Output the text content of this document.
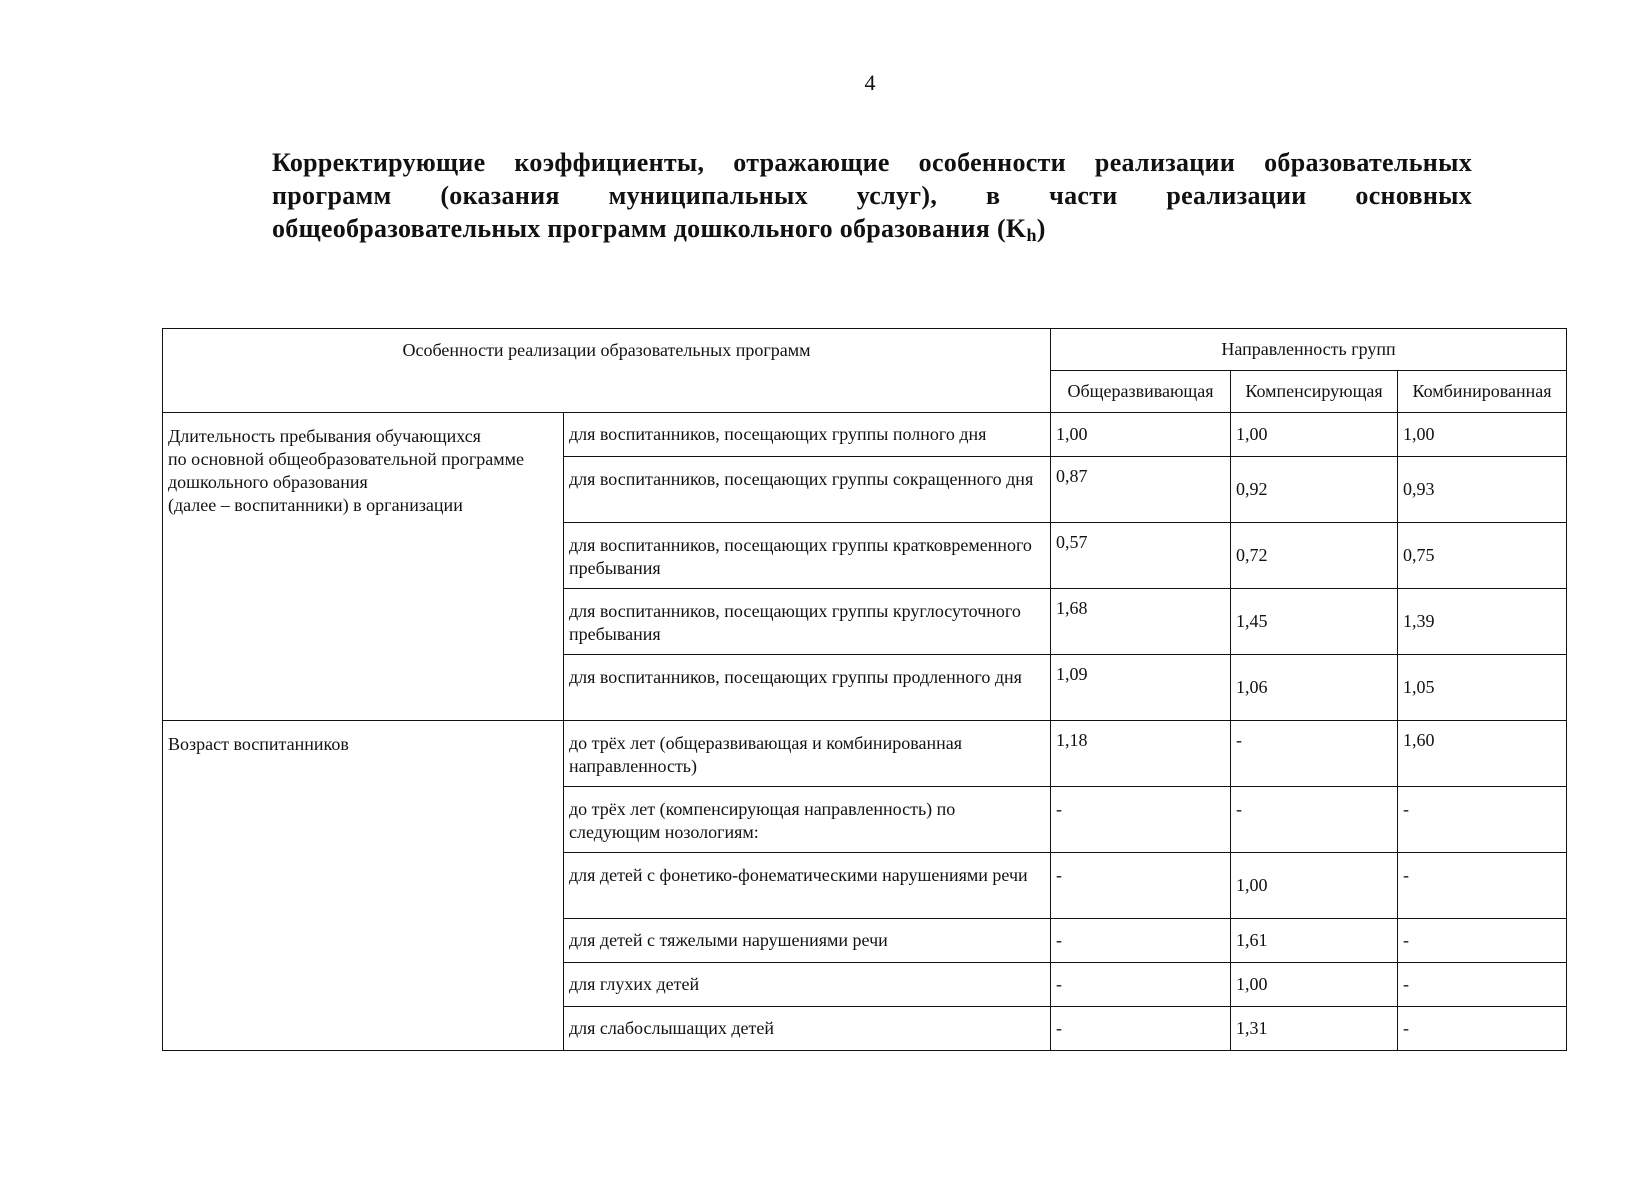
4
Корректирующие коэффициенты, отражающие особенности реализации образовательных
программ (оказания муниципальных услуг), в части реализации основных
общеобразовательных программ дошкольного образования $(K_h)$
Особенности реализации образовательных программ		Направленность групп		
		Общеразвивающая	Компенсирующая	Комбинированная

Длительность пребывания обучающихся
по основной общеобразовательной программе
дошкольного образования
(далее – воспитанники) в организации	для воспитанников, посещающих группы полного дня	1,00	1,00	1,00
	для воспитанников, посещающих группы сокращенного дня	0,87	0,92	0,93
	для воспитанников, посещающих группы кратковременного пребывания	0,57	0,72	0,75
	для воспитанников, посещающих группы круглосуточного пребывания	1,68	1,45	1,39
	для воспитанников, посещающих группы продленного дня	1,09	1,06	1,05
Возраст воспитанников	до трёх лет (общеразвивающая и комбинированная направленность)	1,18	-	1,60
	до трёх лет (компенсирующая направленность) по следующим нозологиям:	-	-	-
	для детей с фонетико-фонематическими нарушениями речи	-	1,00	-
	для детей с тяжелыми нарушениями речи	-	1,61	-
	для глухих детей	-	1,00	-
	для слабослышащих детей	-	1,31	-
